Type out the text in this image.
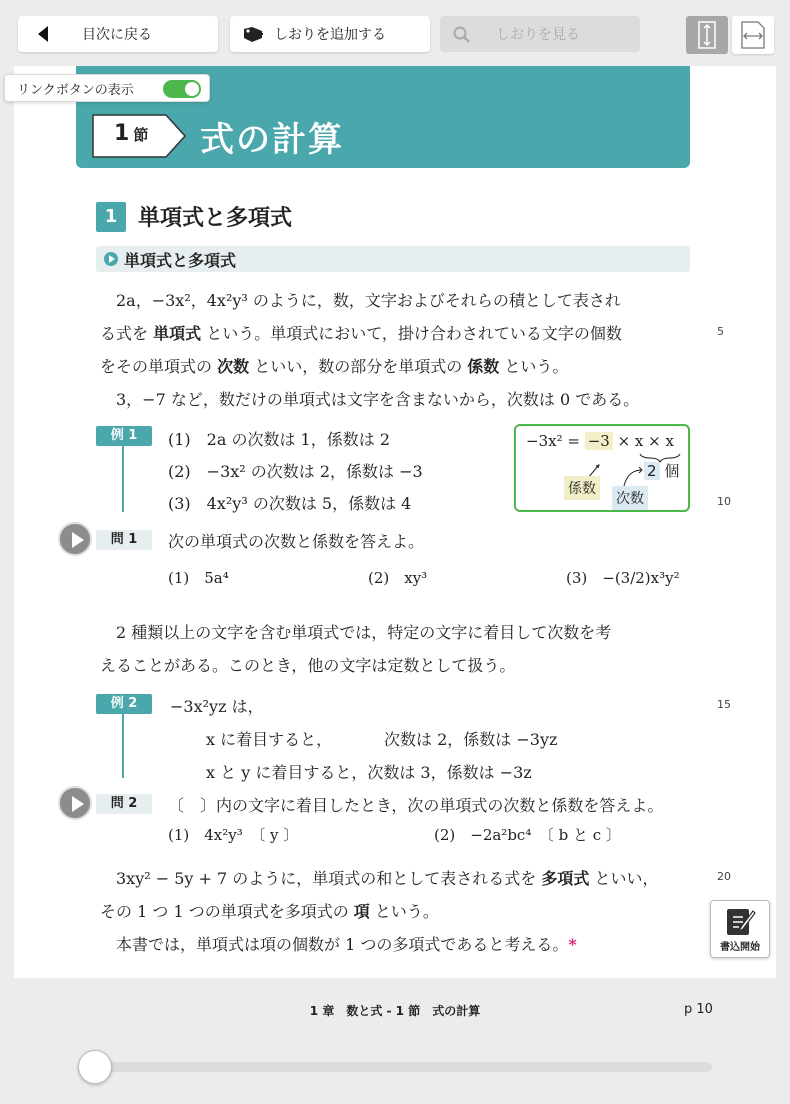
目次に戻る	しおりを追加する	しおりを見る
1 節 式の計算
1 単項式と多項式
単項式と多項式
2a，−3x²，4x²y³ のように，数，文字およびそれらの積として表され
る式を 単項式 という。単項式において，掛け合わされている文字の個数
をその単項式の 次数 といい，数の部分を単項式の 係数 という。
3，−7 など，数だけの単項式は文字を含まないから，次数は 0 である。
5
例 1	(1)　2a の次数は 1，係数は 2
(2)　−3x² の次数は 2，係数は −3
(3)　4x²y³ の次数は 5，係数は 4	10
−3x² = −3 × x × x
2 個
係数
次数
問 1	次の単項式の次数と係数を答えよ。
(1)　5a⁴	(2)　xy³	(3)　−(3/2)x³y²
2 種類以上の文字を含む単項式では，特定の文字に着目して次数を考
えることがある。このとき，他の文字は定数として扱う。
例 2	−3x²yz は，
x に着目すると，	次数は 2，係数は −3yz
x と y に着目すると，次数は 3，係数は −3z
15
問 2	〔　〕内の文字に着目したとき，次の単項式の次数と係数を答えよ。
(1)　4x²y³　〔 y 〕	(2)　−2a²bc⁴　〔 b と c 〕
3xy² − 5y + 7 のように，単項式の和として表される式を 多項式 といい，
その 1 つ 1 つの単項式を多項式の 項 という。
本書では，単項式は項の個数が 1 つの多項式であると考える。*
20
書込開始
リンクボタンの表示
1 章　数と式 - 1 節　式の計算	p 10
